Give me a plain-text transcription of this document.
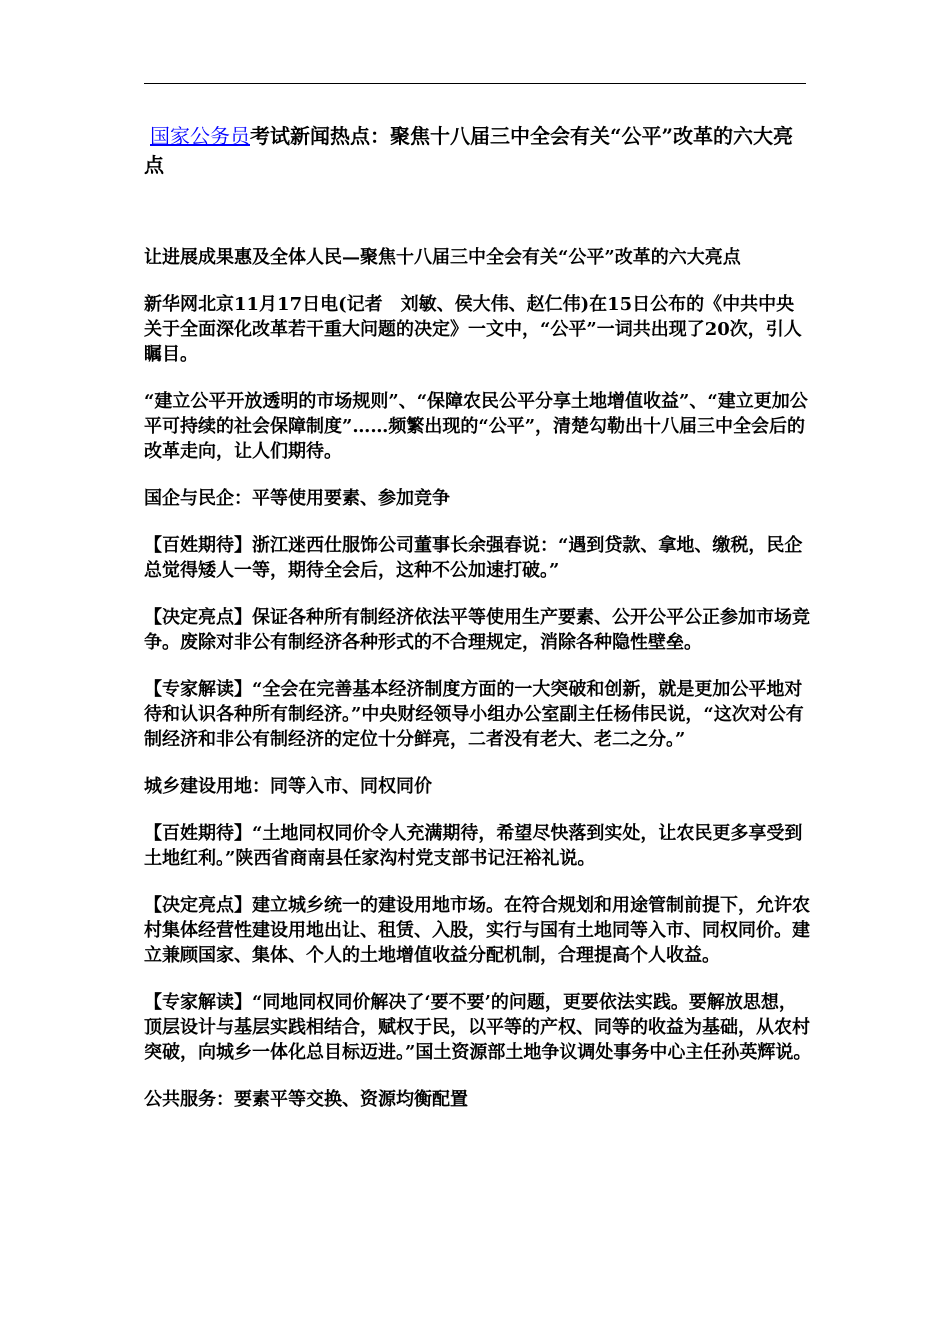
国家公务员考试新闻热点：聚焦十八届三中全会有关“公平”改革的六大亮点

让进展成果惠及全体人民—聚焦十八届三中全会有关“公平”改革的六大亮点

新华网北京11月17日电(记者　刘敏、侯大伟、赵仁伟)在15日公布的《中共中央关于全面深化改革若干重大问题的决定》一文中，“公平”一词共出现了20次，引人瞩目。

“建立公平开放透明的市场规则”、“保障农民公平分享土地增值收益”、“建立更加公平可持续的社会保障制度”……频繁出现的“公平”，清楚勾勒出十八届三中全会后的改革走向，让人们期待。

国企与民企：平等使用要素、参加竞争

【百姓期待】浙江迷西仕服饰公司董事长余强春说：“遇到贷款、拿地、缴税，民企总觉得矮人一等，期待全会后，这种不公加速打破。”

【决定亮点】保证各种所有制经济依法平等使用生产要素、公开公平公正参加市场竞争。废除对非公有制经济各种形式的不合理规定，消除各种隐性壁垒。

【专家解读】“全会在完善基本经济制度方面的一大突破和创新，就是更加公平地对待和认识各种所有制经济。”中央财经领导小组办公室副主任杨伟民说，“这次对公有制经济和非公有制经济的定位十分鲜亮，二者没有老大、老二之分。”

城乡建设用地：同等入市、同权同价

【百姓期待】“土地同权同价令人充满期待，希望尽快落到实处，让农民更多享受到土地红利。”陕西省商南县任家沟村党支部书记汪裕礼说。

【决定亮点】建立城乡统一的建设用地市场。在符合规划和用途管制前提下，允许农村集体经营性建设用地出让、租赁、入股，实行与国有土地同等入市、同权同价。建立兼顾国家、集体、个人的土地增值收益分配机制，合理提高个人收益。

【专家解读】“同地同权同价解决了‘要不要’的问题，更要依法实践。要解放思想，顶层设计与基层实践相结合，赋权于民，以平等的产权、同等的收益为基础，从农村突破，向城乡一体化总目标迈进。”国土资源部土地争议调处事务中心主任孙英辉说。

公共服务：要素平等交换、资源均衡配置
